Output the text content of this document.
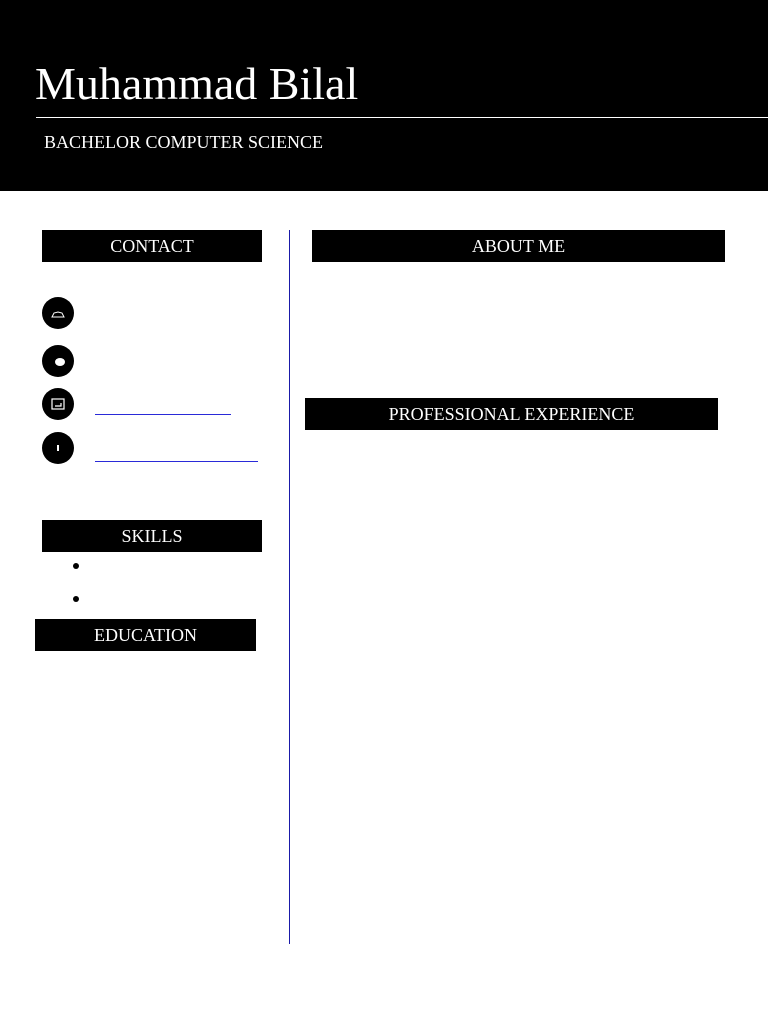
Muhammad Bilal
BACHELOR COMPUTER SCIENCE
CONTACT
SKILLS
EDUCATION
ABOUT ME
PROFESSIONAL EXPERIENCE
